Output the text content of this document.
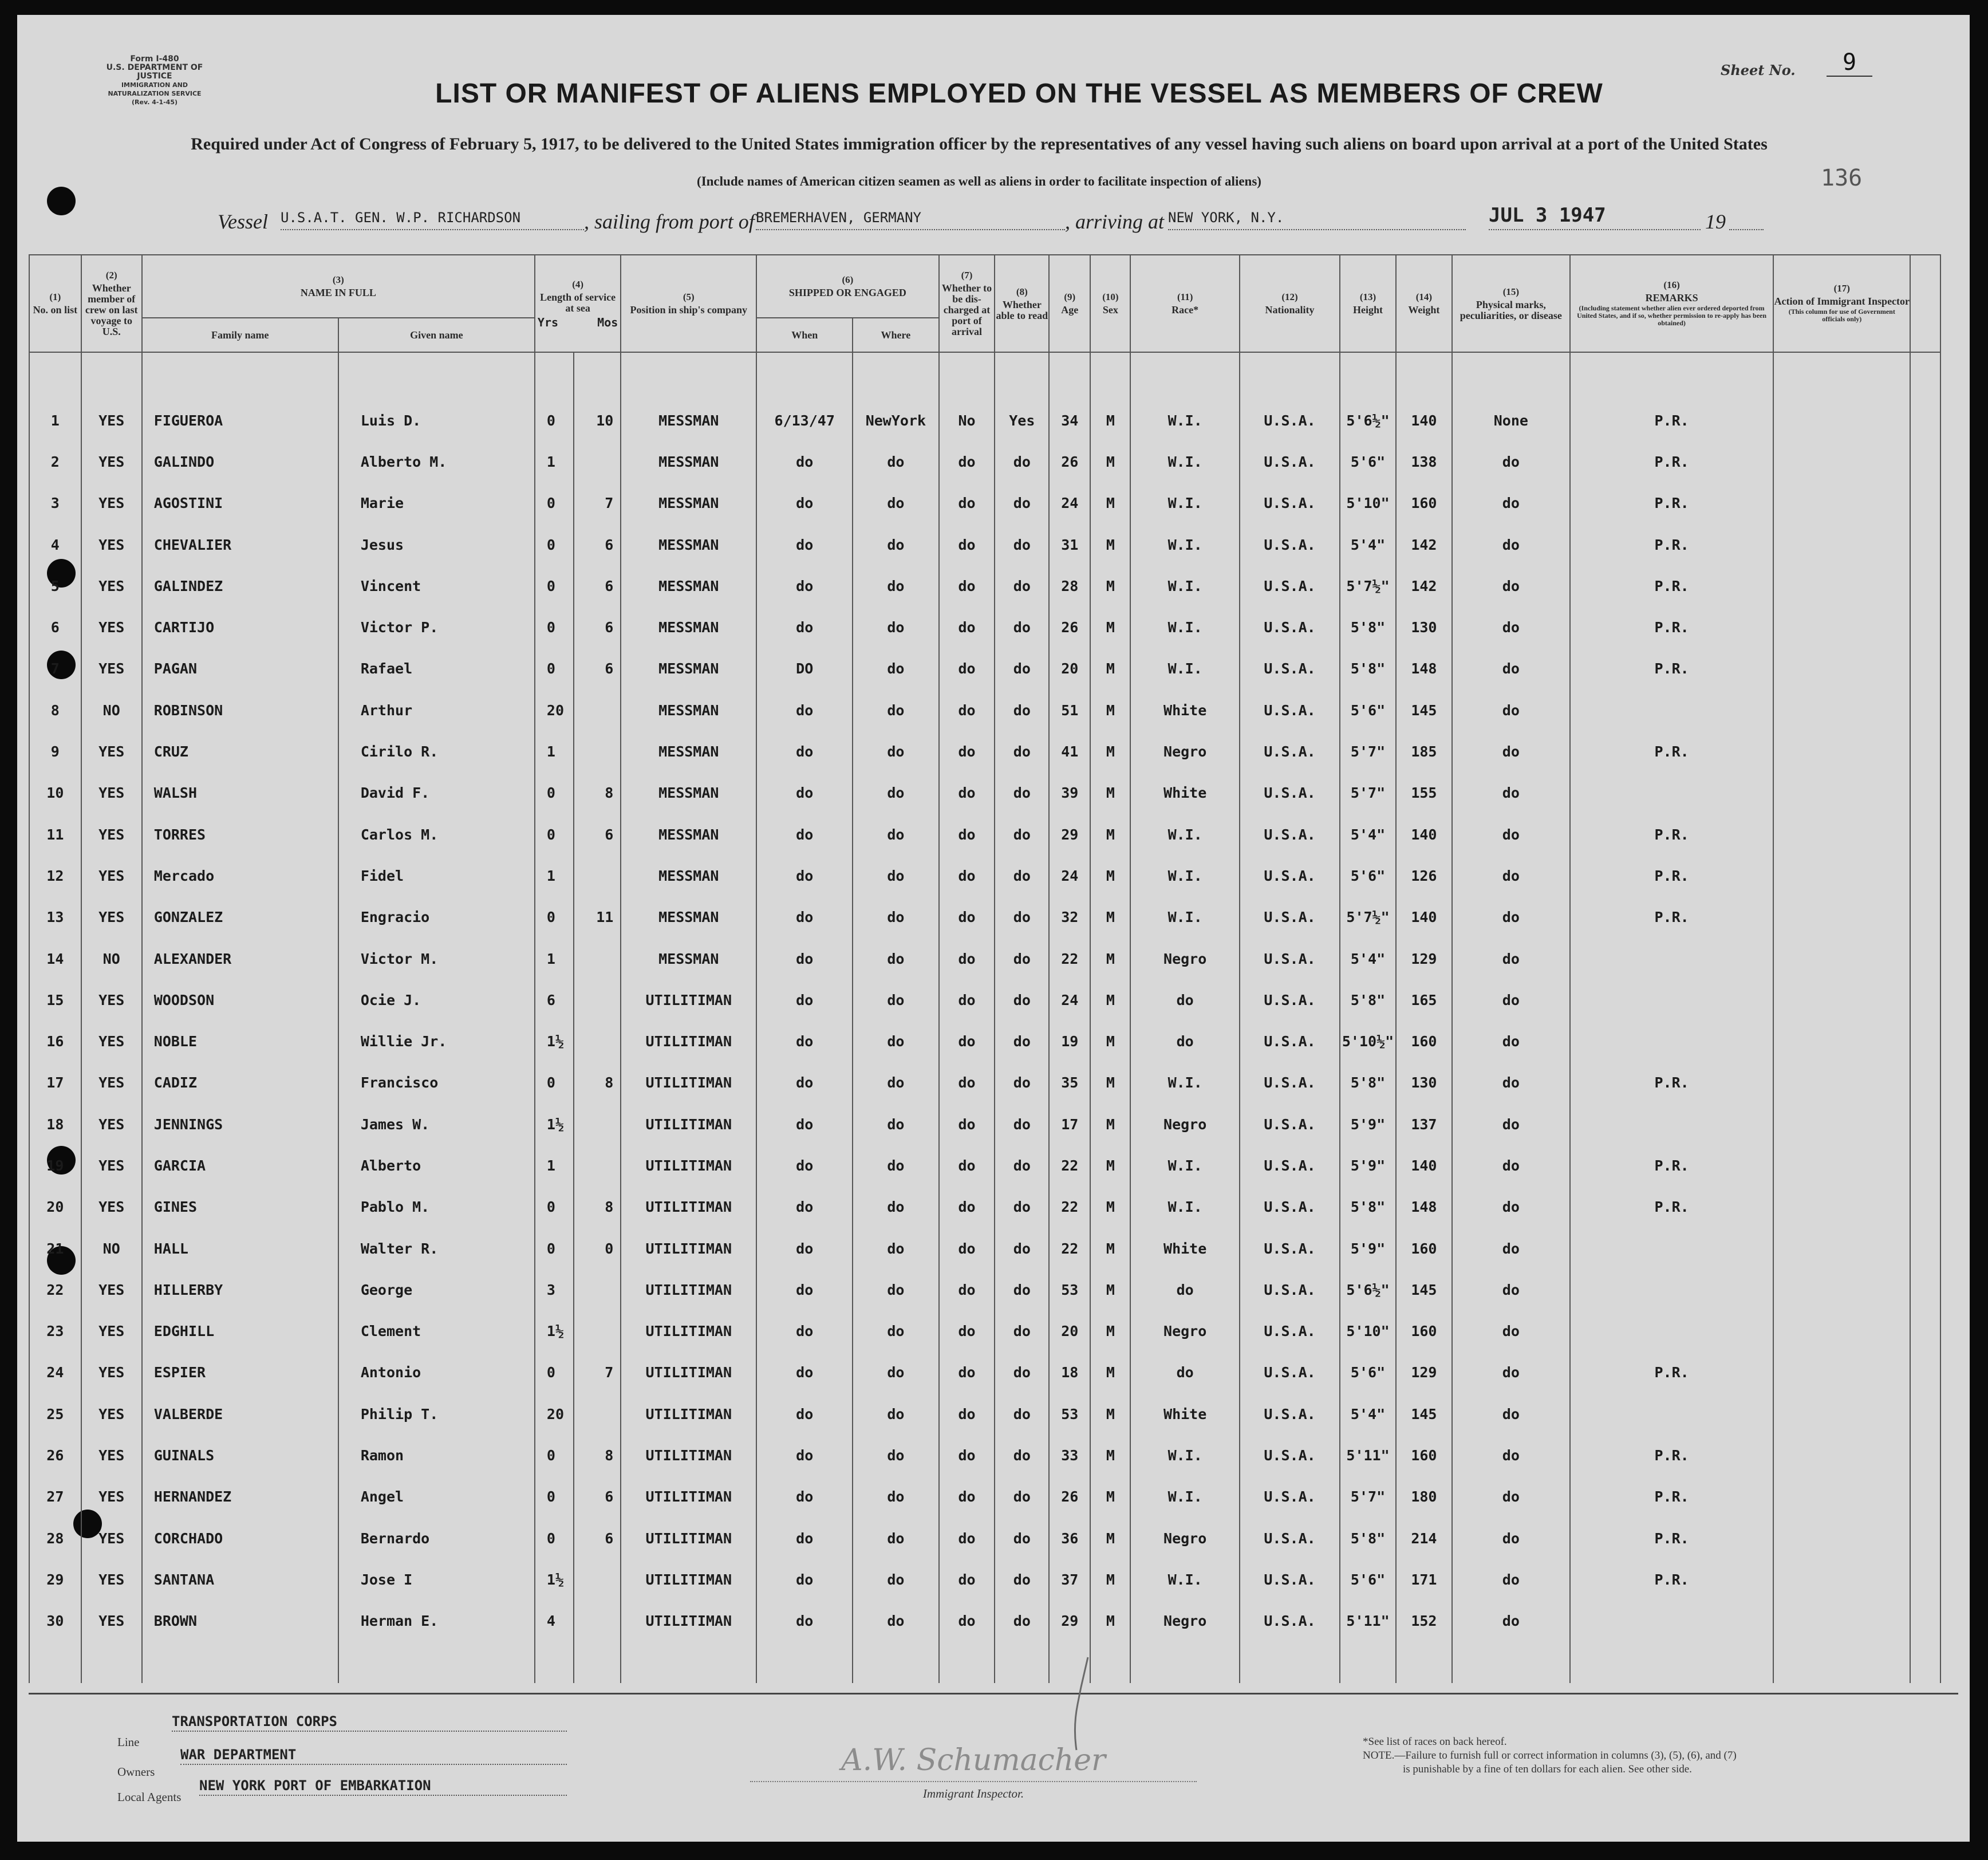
Form I-480
U.S. DEPARTMENT OF JUSTICE
IMMIGRATION AND NATURALIZATION SERVICE
(Rev. 4-1-45)
Sheet No.	9
LIST OR MANIFEST OF ALIENS EMPLOYED ON THE VESSEL AS MEMBERS OF CREW
Required under Act of Congress of February 5, 1917, to be delivered to the United States immigration officer by the representatives of any vessel having such aliens on board upon arrival at a port of the United States
(Include names of American citizen seamen as well as aliens in order to facilitate inspection of aliens)	136
Vessel U.S.A.T. GEN. W.P. RICHARDSON	, sailing from port of BREMERHAVEN, GERMANY	, arriving at NEW YORK, N.Y.	JUL 3 1947	19
(1)
No. on list	(2)
Whether member of crew on last voyage to U.S.	(3)
NAME IN FULL		(4)
Length of service at sea
Yrs Mos		(5)
Position in ship's company	(6)
SHIPPED OR ENGAGED		(7)
Whether to be dis-charged at port of arrival	(8)
Whether able to read	(9)
Age	(10)
Sex	(11)
Race*	(12)
Nationality	(13)
Height	(14)
Weight	(15)
Physical marks, peculiarities, or disease	(16)
REMARKS
(Including statement whether alien ever ordered deported from United States, and if so, whether permission to re-apply has been obtained)	(17)
Action of Immigrant Inspector
(This column for use of Government officials only)	

		Family name	Given name				When	Where												

1	YES	FIGUEROA	Luis D.	0	10	MESSMAN	6/13/47	NewYork	No	Yes	34	M	W.I.	U.S.A.	5'6½"	140	None	P.R.		
2	YES	GALINDO	Alberto M.	1		MESSMAN	do	do	do	do	26	M	W.I.	U.S.A.	5'6"	138	do	P.R.		
3	YES	AGOSTINI	Marie	0	7	MESSMAN	do	do	do	do	24	M	W.I.	U.S.A.	5'10"	160	do	P.R.		
4	YES	CHEVALIER	Jesus	0	6	MESSMAN	do	do	do	do	31	M	W.I.	U.S.A.	5'4"	142	do	P.R.		
5	YES	GALINDEZ	Vincent	0	6	MESSMAN	do	do	do	do	28	M	W.I.	U.S.A.	5'7½"	142	do	P.R.		
6	YES	CARTIJO	Victor P.	0	6	MESSMAN	do	do	do	do	26	M	W.I.	U.S.A.	5'8"	130	do	P.R.		
7	YES	PAGAN	Rafael	0	6	MESSMAN	DO	do	do	do	20	M	W.I.	U.S.A.	5'8"	148	do	P.R.		
8	NO	ROBINSON	Arthur	20		MESSMAN	do	do	do	do	51	M	White	U.S.A.	5'6"	145	do			
9	YES	CRUZ	Cirilo R.	1		MESSMAN	do	do	do	do	41	M	Negro	U.S.A.	5'7"	185	do	P.R.		
10	YES	WALSH	David F.	0	8	MESSMAN	do	do	do	do	39	M	White	U.S.A.	5'7"	155	do			
11	YES	TORRES	Carlos M.	0	6	MESSMAN	do	do	do	do	29	M	W.I.	U.S.A.	5'4"	140	do	P.R.		
12	YES	Mercado	Fidel	1		MESSMAN	do	do	do	do	24	M	W.I.	U.S.A.	5'6"	126	do	P.R.		
13	YES	GONZALEZ	Engracio	0	11	MESSMAN	do	do	do	do	32	M	W.I.	U.S.A.	5'7½"	140	do	P.R.		
14	NO	ALEXANDER	Victor M.	1		MESSMAN	do	do	do	do	22	M	Negro	U.S.A.	5'4"	129	do			
15	YES	WOODSON	Ocie J.	6		UTILITIMAN	do	do	do	do	24	M	do	U.S.A.	5'8"	165	do			
16	YES	NOBLE	Willie Jr.	1½		UTILITIMAN	do	do	do	do	19	M	do	U.S.A.	5'10½"	160	do			
17	YES	CADIZ	Francisco	0	8	UTILITIMAN	do	do	do	do	35	M	W.I.	U.S.A.	5'8"	130	do	P.R.		
18	YES	JENNINGS	James W.	1½		UTILITIMAN	do	do	do	do	17	M	Negro	U.S.A.	5'9"	137	do			
19	YES	GARCIA	Alberto	1		UTILITIMAN	do	do	do	do	22	M	W.I.	U.S.A.	5'9"	140	do	P.R.		
20	YES	GINES	Pablo M.	0	8	UTILITIMAN	do	do	do	do	22	M	W.I.	U.S.A.	5'8"	148	do	P.R.		
21	NO	HALL	Walter R.	0	0	UTILITIMAN	do	do	do	do	22	M	White	U.S.A.	5'9"	160	do			
22	YES	HILLERBY	George	3		UTILITIMAN	do	do	do	do	53	M	do	U.S.A.	5'6½"	145	do			
23	YES	EDGHILL	Clement	1½		UTILITIMAN	do	do	do	do	20	M	Negro	U.S.A.	5'10"	160	do			
24	YES	ESPIER	Antonio	0	7	UTILITIMAN	do	do	do	do	18	M	do	U.S.A.	5'6"	129	do	P.R.		
25	YES	VALBERDE	Philip T.	20		UTILITIMAN	do	do	do	do	53	M	White	U.S.A.	5'4"	145	do			
26	YES	GUINALS	Ramon	0	8	UTILITIMAN	do	do	do	do	33	M	W.I.	U.S.A.	5'11"	160	do	P.R.		
27	YES	HERNANDEZ	Angel	0	6	UTILITIMAN	do	do	do	do	26	M	W.I.	U.S.A.	5'7"	180	do	P.R.		
28	YES	CORCHADO	Bernardo	0	6	UTILITIMAN	do	do	do	do	36	M	Negro	U.S.A.	5'8"	214	do	P.R.		
29	YES	SANTANA	Jose I	1½		UTILITIMAN	do	do	do	do	37	M	W.I.	U.S.A.	5'6"	171	do	P.R.		
30	YES	BROWN	Herman E.	4		UTILITIMAN	do	do	do	do	29	M	Negro	U.S.A.	5'11"	152	do			

Line
TRANSPORTATION CORPS
Owners
WAR DEPARTMENT
Local Agents
NEW YORK PORT OF EMBARKATION
A.W. Schumacher
Immigrant Inspector.
*See list of races on back hereof.
NOTE.—Failure to furnish full or correct information in columns (3), (5), (6), and (7)
is punishable by a fine of ten dollars for each alien. See other side.
